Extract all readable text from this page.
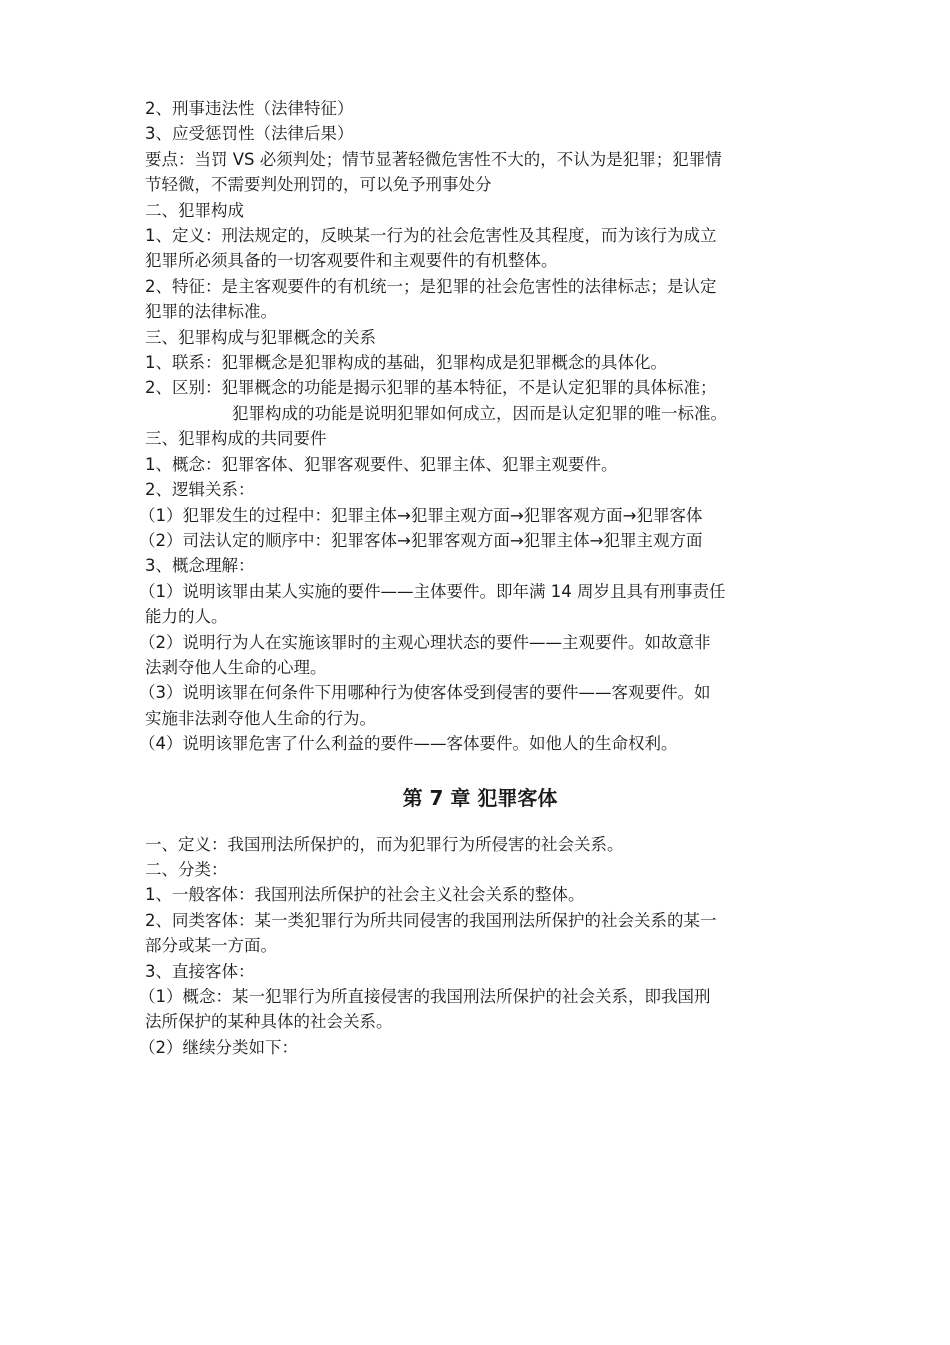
2、刑事违法性（法律特征）

3、应受惩罚性（法律后果）

要点：当罚 VS 必须判处；情节显著轻微危害性不大的，不认为是犯罪；犯罪情

节轻微，不需要判处刑罚的，可以免予刑事处分

二、犯罪构成

1、定义：刑法规定的，反映某一行为的社会危害性及其程度，而为该行为成立

犯罪所必须具备的一切客观要件和主观要件的有机整体。

2、特征：是主客观要件的有机统一；是犯罪的社会危害性的法律标志；是认定

犯罪的法律标准。

三、犯罪构成与犯罪概念的关系

1、联系：犯罪概念是犯罪构成的基础，犯罪构成是犯罪概念的具体化。

2、区别：犯罪概念的功能是揭示犯罪的基本特征，不是认定犯罪的具体标准；

犯罪构成的功能是说明犯罪如何成立，因而是认定犯罪的唯一标准。

三、犯罪构成的共同要件

1、概念：犯罪客体、犯罪客观要件、犯罪主体、犯罪主观要件。

2、逻辑关系：

（1）犯罪发生的过程中：犯罪主体→犯罪主观方面→犯罪客观方面→犯罪客体

（2）司法认定的顺序中：犯罪客体→犯罪客观方面→犯罪主体→犯罪主观方面

3、概念理解：

（1）说明该罪由某人实施的要件——主体要件。即年满 14 周岁且具有刑事责任

能力的人。

（2）说明行为人在实施该罪时的主观心理状态的要件——主观要件。如故意非

法剥夺他人生命的心理。

（3）说明该罪在何条件下用哪种行为使客体受到侵害的要件——客观要件。如

实施非法剥夺他人生命的行为。

（4）说明该罪危害了什么利益的要件——客体要件。如他人的生命权利。

第 7 章 犯罪客体

一、定义：我国刑法所保护的，而为犯罪行为所侵害的社会关系。

二、分类：

1、一般客体：我国刑法所保护的社会主义社会关系的整体。

2、同类客体：某一类犯罪行为所共同侵害的我国刑法所保护的社会关系的某一

部分或某一方面。

3、直接客体：

（1）概念：某一犯罪行为所直接侵害的我国刑法所保护的社会关系，即我国刑

法所保护的某种具体的社会关系。

（2）继续分类如下：
